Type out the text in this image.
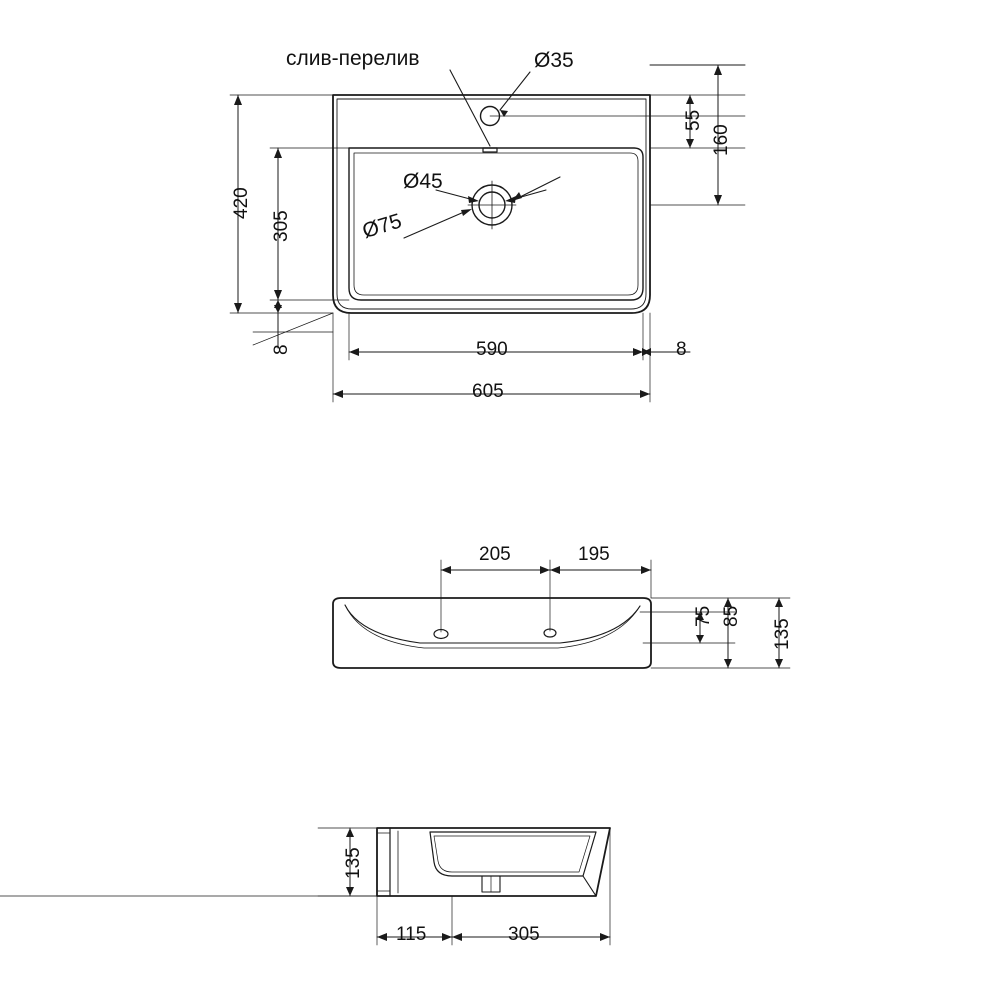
слив-перелив	Ø35
Ø45
Ø75
420
305
8
55
160
590	8
605
205	195
75 85
135
135
115	305
